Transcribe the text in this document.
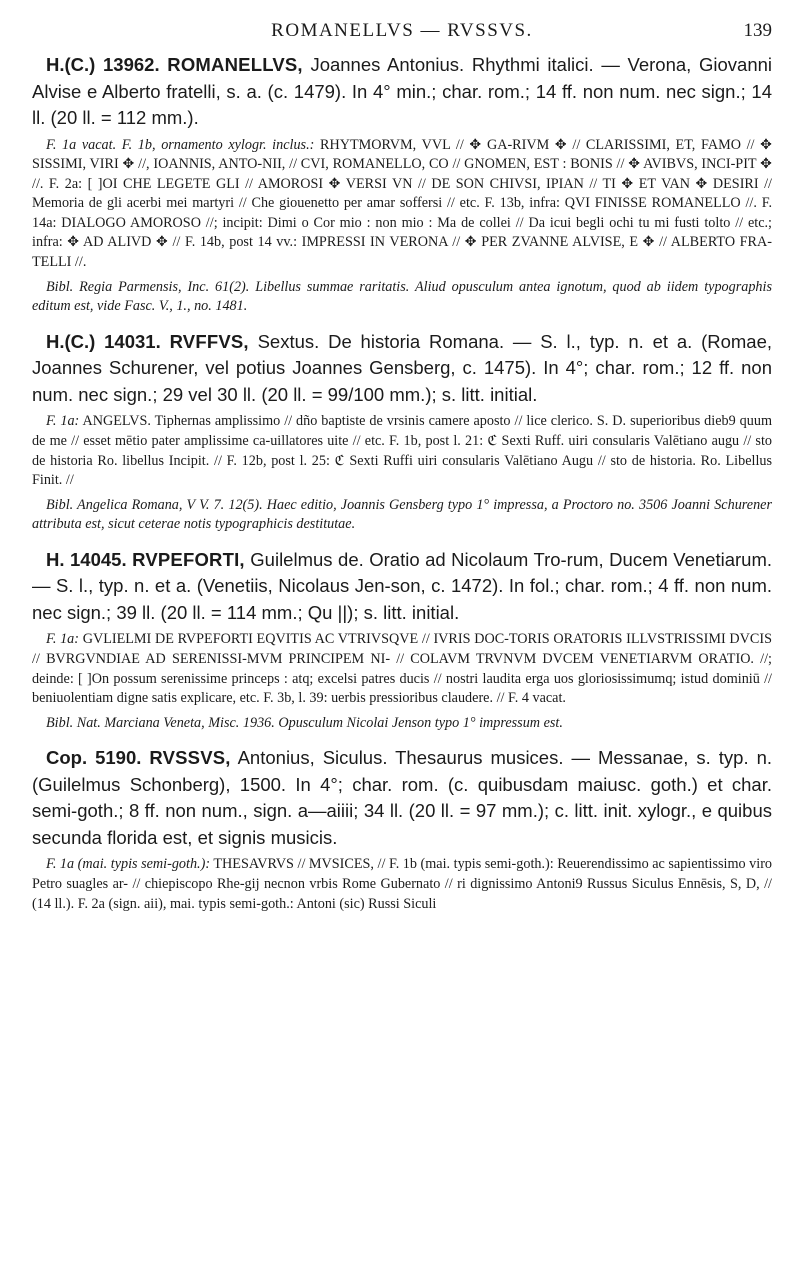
ROMANELLVS — RVSSVS.	139

H.(C.) 13962. ROMANELLVS, Joannes Antonius. Rhythmi italici. — Verona, Giovanni Alvise e Alberto fratelli, s. a. (c. 1479). In 4° min.; char. rom.; 14 ff. non num. nec sign.; 14 ll. (20 ll. = 112 mm.).

F. 1a vacat. F. 1b, ornamento xylogr. inclus.: RHYTMORVM, VVL // ✥ GA-RIVM ✥ // CLARISSIMI, ET, FAMO // ✥ SISSIMI, VIRI ✥ //, IOANNIS, ANTO-NII, // CVI, ROMANELLO, CO // GNOMEN, EST : BONIS // ✥ AVIBVS, INCI-PIT ✥ //. F. 2a: [ ]OI CHE LEGETE GLI // AMOROSI ✥ VERSI VN // DE SON CHIVSI, IPIAN // TI ✥ ET VAN ✥ DESIRI // Memoria de gli acerbi mei martyri // Che giouenetto per amar soffersi // etc. F. 13b, infra: QVI FINISSE ROMANELLO //. F. 14a: DIALOGO AMOROSO //; incipit: Dimi o Cor mio : non mio : Ma de collei // Da icui begli ochi tu mi fusti tolto // etc.; infra: ✥ AD ALIVD ✥ // F. 14b, post 14 vv.: IMPRESSI IN VERONA // ✥ PER ZVANNE ALVISE, E ✥ // ALBERTO FRA-TELLI //.

Bibl. Regia Parmensis, Inc. 61(2). Libellus summae raritatis. Aliud opusculum antea ignotum, quod ab iidem typographis editum est, vide Fasc. V., 1., no. 1481.

H.(C.) 14031. RVFFVS, Sextus. De historia Romana. — S. l., typ. n. et a. (Romae, Joannes Schurener, vel potius Joannes Gensberg, c. 1475). In 4°; char. rom.; 12 ff. non num. nec sign.; 29 vel 30 ll. (20 ll. = 99/100 mm.); s. litt. initial.

F. 1a: ANGELVS. Tiphernas amplissimo // dño baptiste de vrsinis camere aposto // lice clerico. S. D. superioribus dieb9 quum de me // esset mētio pater amplissime ca-uillatores uite // etc. F. 1b, post l. 21: ℭ Sexti Ruff. uiri consularis Valētiano augu // sto de historia Ro. libellus Incipit. // F. 12b, post l. 25: ℭ Sexti Ruffi uiri consularis Valētiano Augu // sto de historia. Ro. Libellus Finit. //

Bibl. Angelica Romana, V V. 7. 12(5). Haec editio, Joannis Gensberg typo 1° impressa, a Proctoro no. 3506 Joanni Schurener attributa est, sicut ceterae notis typographicis destitutae.

H. 14045. RVPEFORTI, Guilelmus de. Oratio ad Nicolaum Tro-rum, Ducem Venetiarum. — S. l., typ. n. et a. (Venetiis, Nicolaus Jen-son, c. 1472). In fol.; char. rom.; 4 ff. non num. nec sign.; 39 ll. (20 ll. = 114 mm.; Qu ||); s. litt. initial.

F. 1a: GVLIELMI DE RVPEFORTI EQVITIS AC VTRIVSQVE // IVRIS DOC-TORIS ORATORIS ILLVSTRISSIMI DVCIS // BVRGVNDIAE AD SERENISSI-MVM PRINCIPEM NI- // COLAVM TRVNVM DVCEM VENETIARVM ORATIO. //; deinde: [ ]On possum serenissime princeps : atq; excelsi patres ducis // nostri laudita erga uos gloriosissimumq; istud dominiū // beniuolentiam digne satis explicare, etc. F. 3b, l. 39: uerbis pressioribus claudere. // F. 4 vacat.

Bibl. Nat. Marciana Veneta, Misc. 1936. Opusculum Nicolai Jenson typo 1° impressum est.

Cop. 5190. RVSSVS, Antonius, Siculus. Thesaurus musices. — Messanae, s. typ. n. (Guilelmus Schonberg), 1500. In 4°; char. rom. (c. quibusdam maiusc. goth.) et char. semi-goth.; 8 ff. non num., sign. a—aiiii; 34 ll. (20 ll. = 97 mm.); c. litt. init. xylogr., e quibus secunda florida est, et signis musicis.

F. 1a (mai. typis semi-goth.): THESAVRVS // MVSICES, // F. 1b (mai. typis semi-goth.): Reuerendissimo ac sapientissimo viro Petro suagles ar- // chiepiscopo Rhe-gij necnon vrbis Rome Gubernato // ri dignissimo Antoni9 Russus Siculus Ennēsis, S, D, // (14 ll.). F. 2a (sign. aii), mai. typis semi-goth.: Antoni (sic) Russi Siculi
